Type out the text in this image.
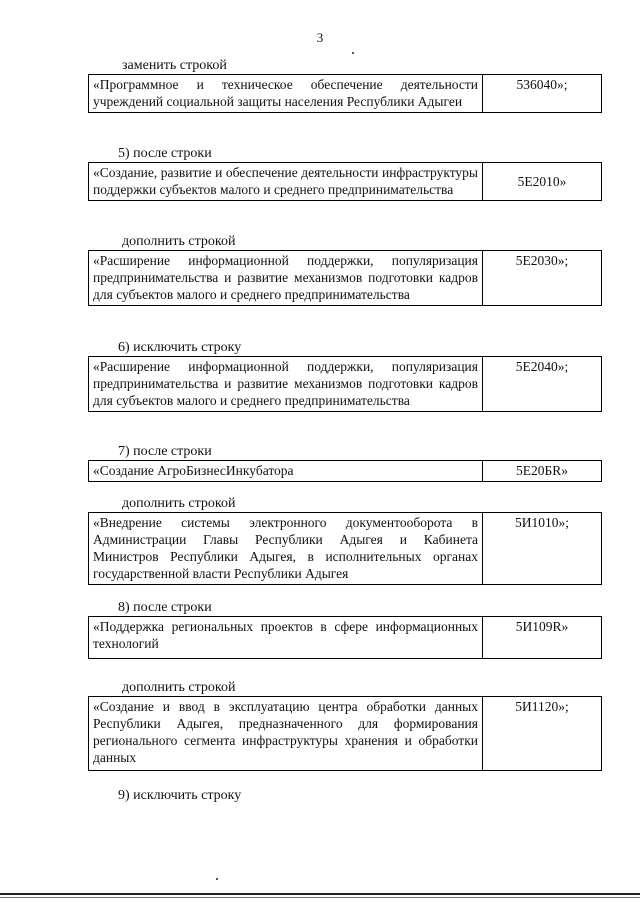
3
заменить строкой
«Программное и техническое обеспечение деятельности учреждений социальной защиты населения Республики Адыгеи	536040»;
5) после строки
«Создание, развитие и обеспечение деятельности инфраструктуры поддержки субъектов малого и среднего предпринимательства	5Е2010»
дополнить строкой
«Расширение информационной поддержки, популяризация предпринимательства и развитие механизмов подготовки кадров для субъектов малого и среднего предпринимательства	5Е2030»;
6) исключить строку
«Расширение информационной поддержки, популяризация предпринимательства и развитие механизмов подготовки кадров для субъектов малого и среднего предпринимательства	5Е2040»;
7) после строки
«Создание АгроБизнесИнкубатора	5Е20БR»
дополнить строкой
«Внедрение системы электронного документооборота в Администрации Главы Республики Адыгея и Кабинета Министров Республики Адыгея, в исполнительных органах государственной власти Республики Адыгея	5И1010»;
8) после строки
«Поддержка региональных проектов в сфере информационных технологий	5И109R»
дополнить строкой
«Создание и ввод в эксплуатацию центра обработки данных Республики Адыгея, предназначенного для формирования регионального сегмента инфраструктуры хранения и обработки данных	5И1120»;
9) исключить строку
